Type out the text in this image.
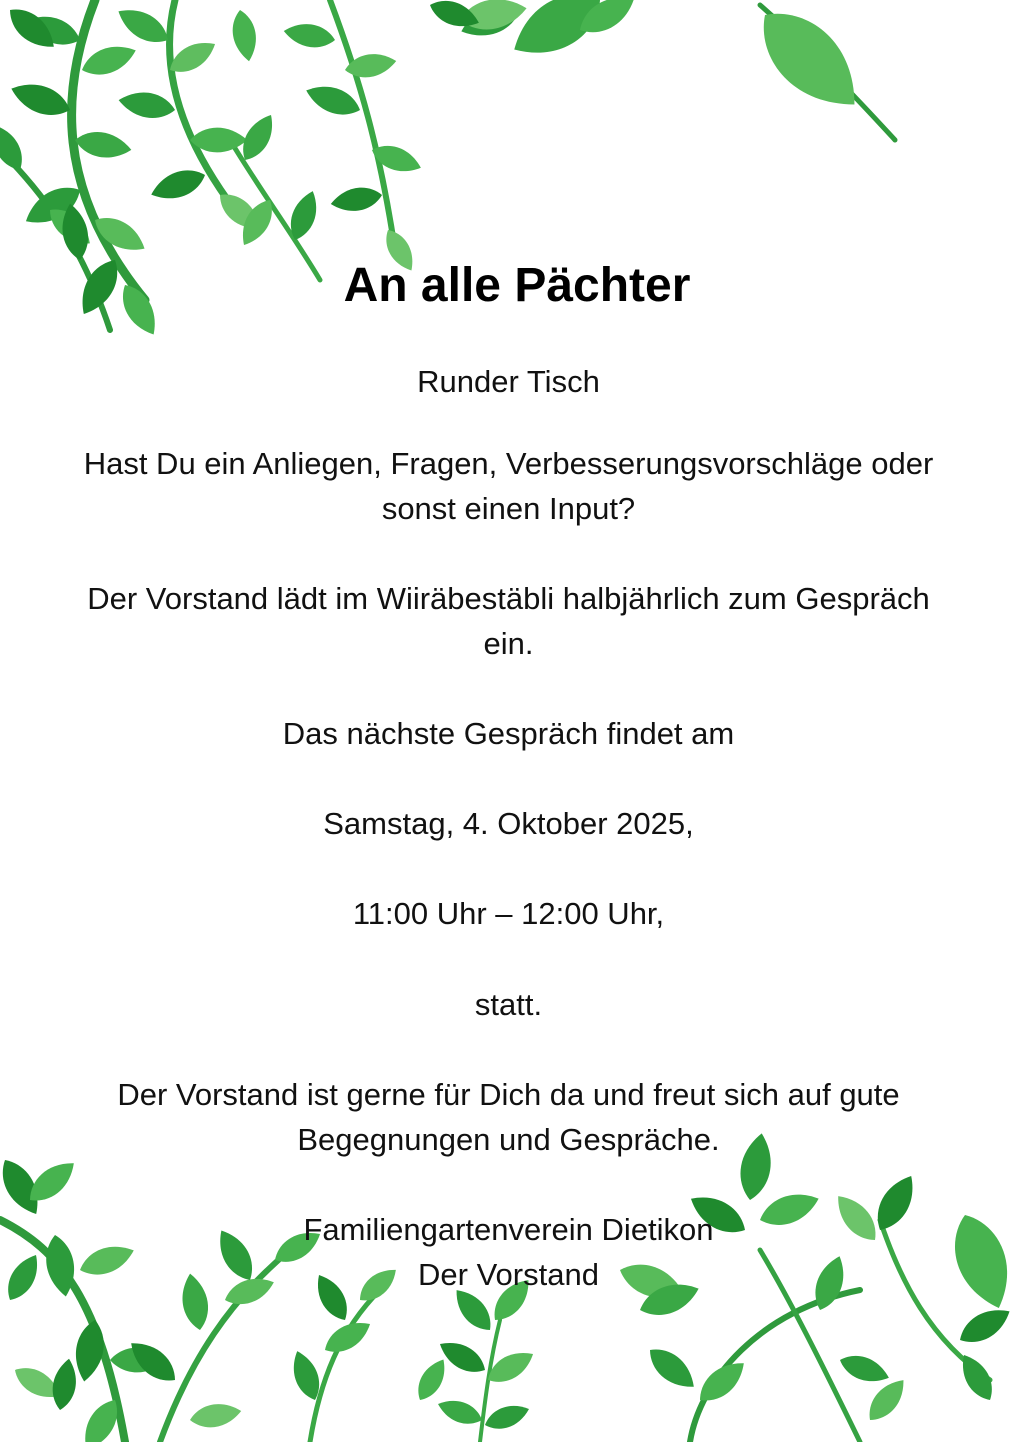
An alle Pächter
Runder Tisch
Hast Du ein Anliegen, Fragen, Verbesserungsvorschläge oder
sonst einen Input?
Der Vorstand lädt im Wiiräbestäbli halbjährlich zum Gespräch
ein.
Das nächste Gespräch findet am
Samstag, 4. Oktober 2025,
11:00 Uhr – 12:00 Uhr,
statt.
Der Vorstand ist gerne für Dich da und freut sich auf gute
Begegnungen und Gespräche.
Familiengartenverein Dietikon
Der Vorstand
